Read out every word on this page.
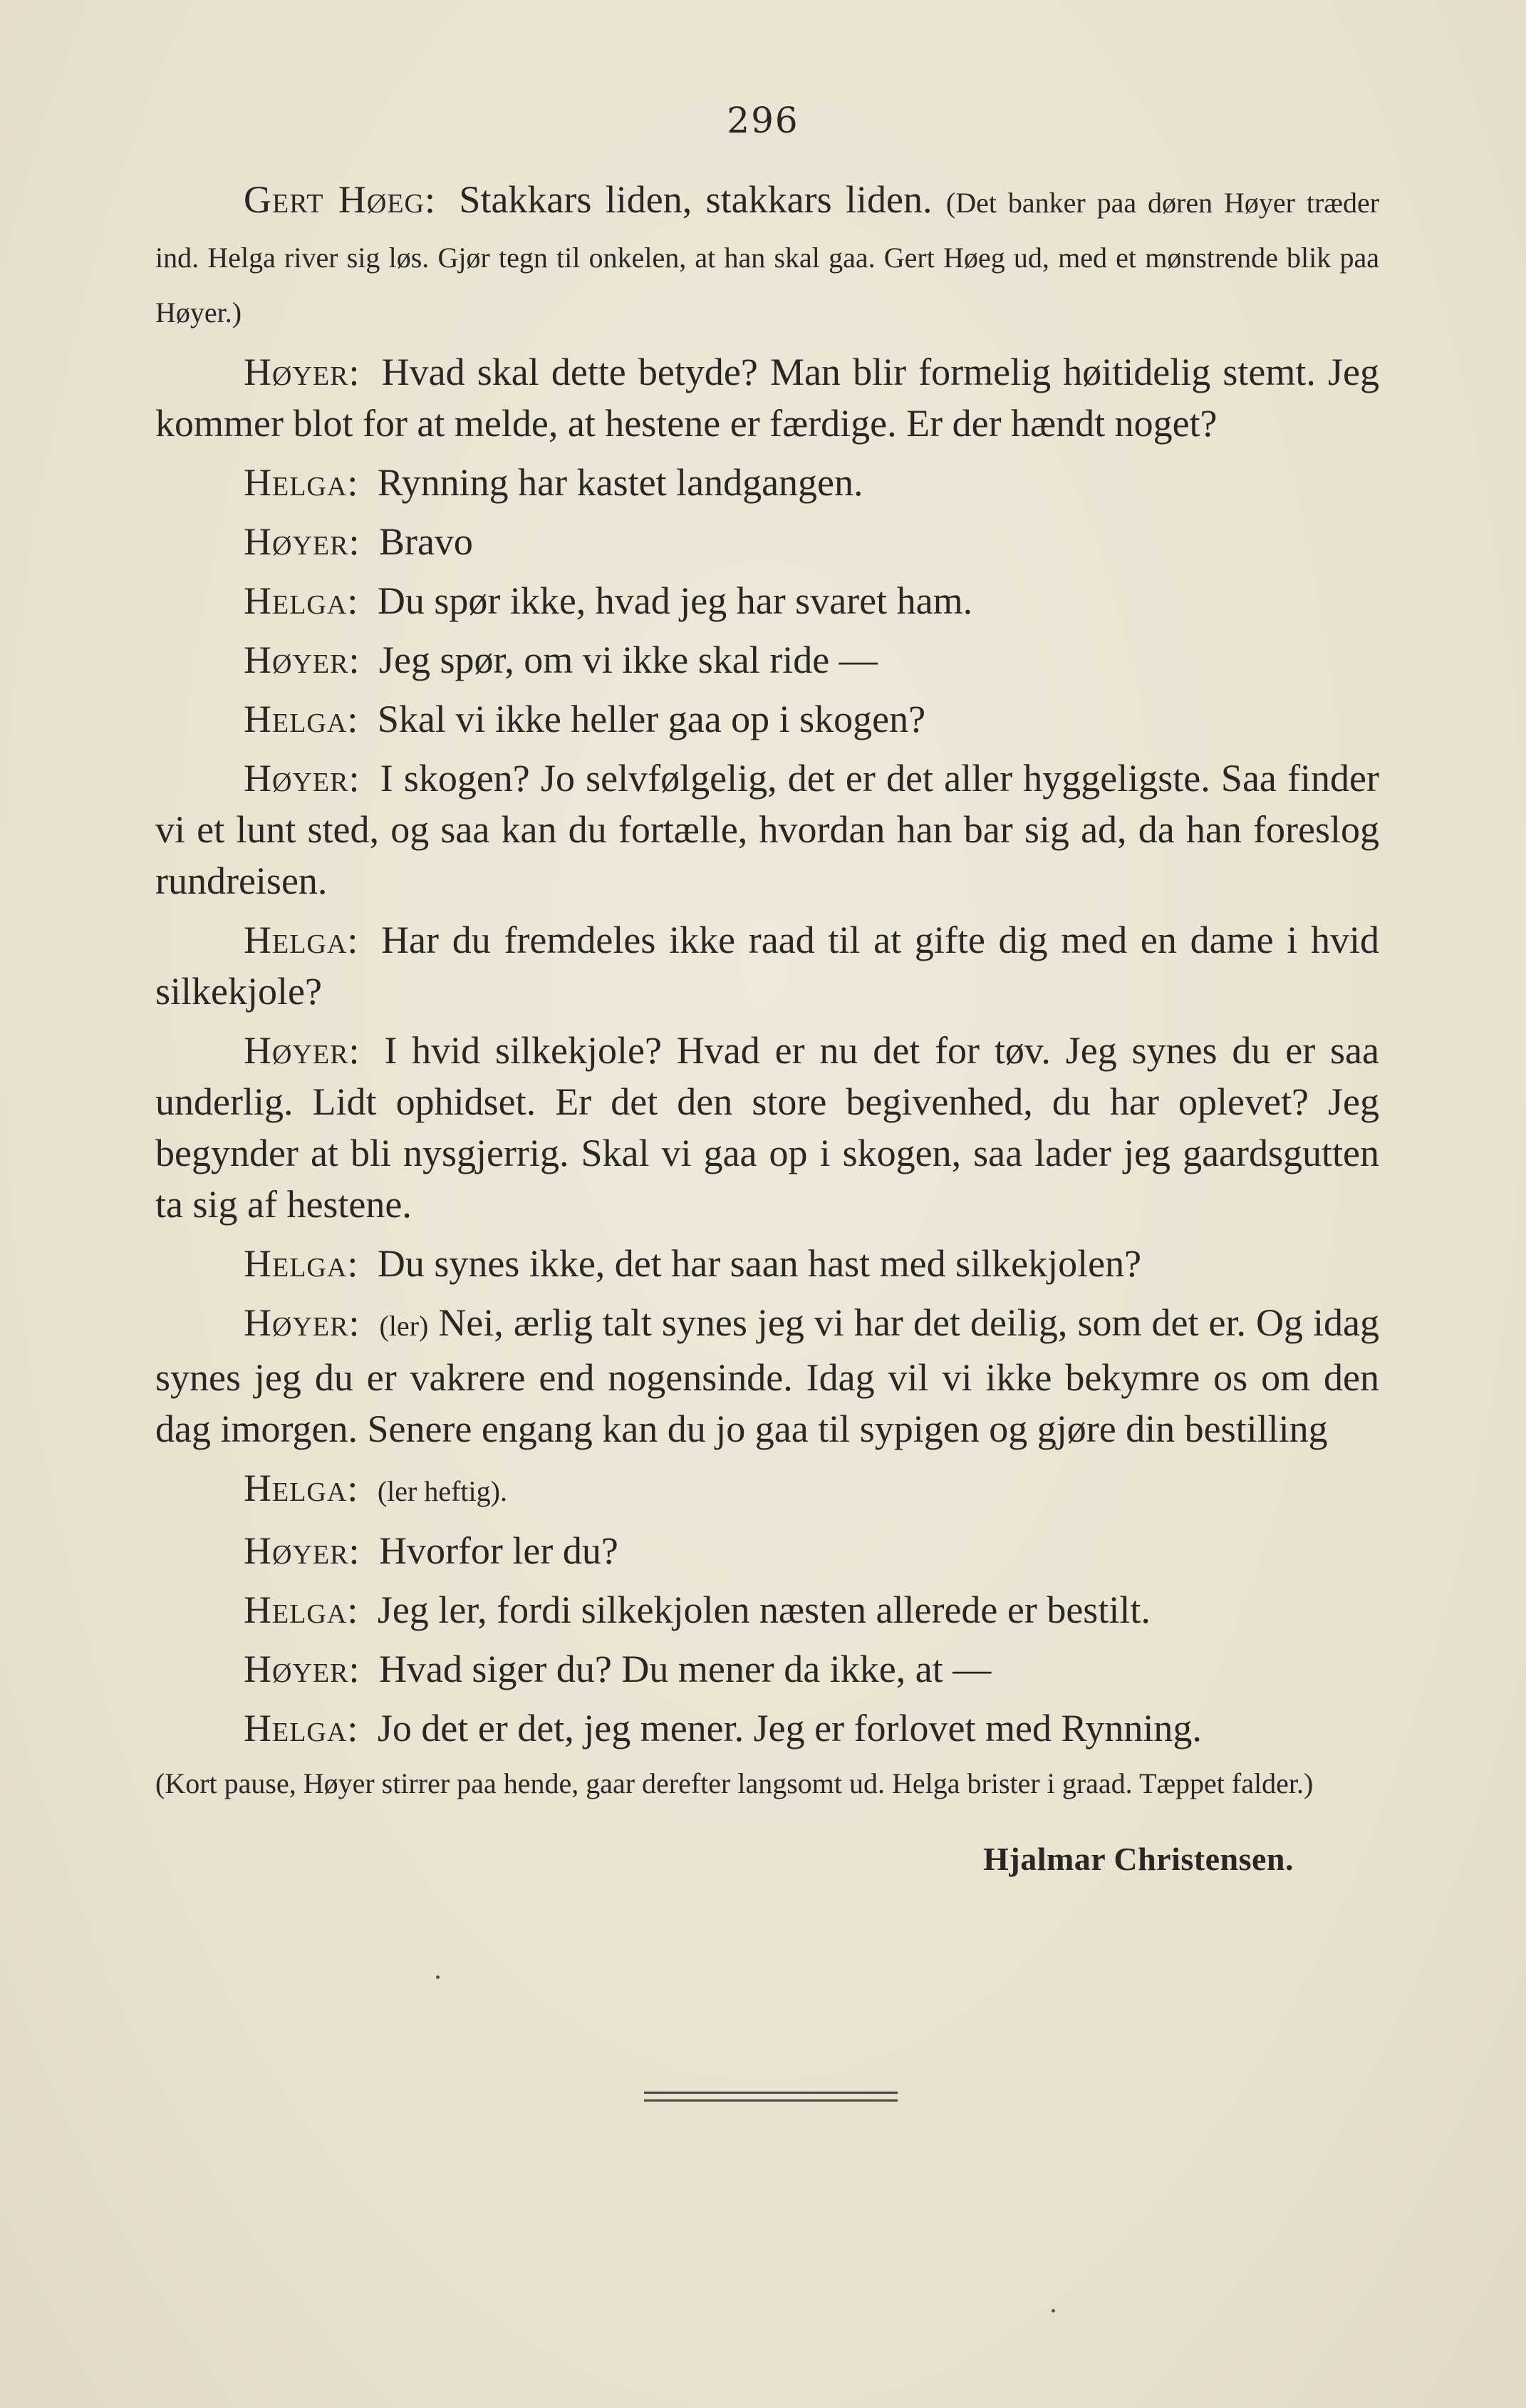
296

Gert Høeg: Stakkars liden, stakkars liden. (Det banker paa døren Høyer træder ind. Helga river sig løs. Gjør tegn til onkelen, at han skal gaa. Gert Høeg ud, med et mønstrende blik paa Høyer.)

Høyer: Hvad skal dette betyde? Man blir formelig høitidelig stemt. Jeg kommer blot for at melde, at hestene er færdige. Er der hændt noget?

Helga: Rynning har kastet landgangen.

Høyer: Bravo

Helga: Du spør ikke, hvad jeg har svaret ham.

Høyer: Jeg spør, om vi ikke skal ride —

Helga: Skal vi ikke heller gaa op i skogen?

Høyer: I skogen? Jo selvfølgelig, det er det aller hyggeligste. Saa finder vi et lunt sted, og saa kan du fortælle, hvordan han bar sig ad, da han foreslog rundreisen.

Helga: Har du fremdeles ikke raad til at gifte dig med en dame i hvid silkekjole?

Høyer: I hvid silkekjole? Hvad er nu det for tøv. Jeg synes du er saa underlig. Lidt ophidset. Er det den store begivenhed, du har oplevet? Jeg begynder at bli nysgjerrig. Skal vi gaa op i skogen, saa lader jeg gaardsgutten ta sig af hestene.

Helga: Du synes ikke, det har saan hast med silkekjolen?

Høyer: (ler) Nei, ærlig talt synes jeg vi har det deilig, som det er. Og idag synes jeg du er vakrere end nogensinde. Idag vil vi ikke bekymre os om den dag imorgen. Senere engang kan du jo gaa til sypigen og gjøre din bestilling

Helga: (ler heftig).

Høyer: Hvorfor ler du?

Helga: Jeg ler, fordi silkekjolen næsten allerede er bestilt.

Høyer: Hvad siger du? Du mener da ikke, at —

Helga: Jo det er det, jeg mener. Jeg er forlovet med Rynning.

(Kort pause, Høyer stirrer paa hende, gaar derefter langsomt ud. Helga brister i graad. Tæppet falder.)

Hjalmar Christensen.
